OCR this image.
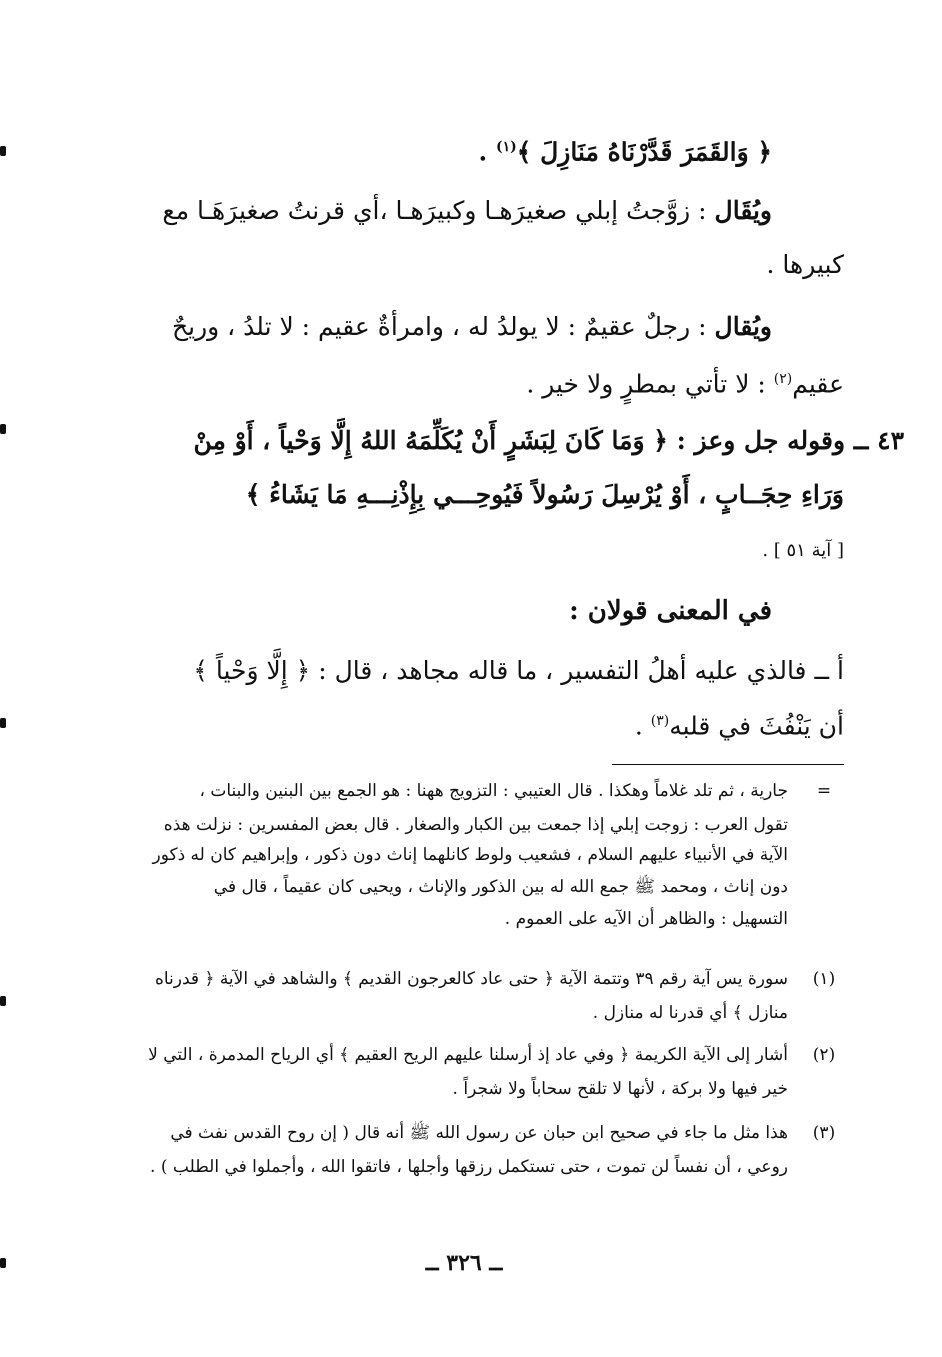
﴿ وَالقَمَرَ قَدَّرْنَاهُ مَنَازِلَ ﴾$^{(١)}$ .
ويُقَال : زوَّجتُ إبلي صغيرَهـا وكبيرَهـا ،أي قرنتُ صغيرَهَـا مع
كبيرها .
ويُقال : رجلٌ عقيمٌ : لا يولدُ له ، وامرأةٌ عقيم : لا تلدُ ، وريحٌ
عقيم$^{(٢)}$ : لا تأتي بمطرٍ ولا خير .
٤٣ ــ وقوله جل وعز : ﴿ وَمَا كَانَ لِبَشَرٍ أَنْ يُكَلِّمَهُ اللهُ إِلَّا وَحْياً ، أَوْ مِنْ
وَرَاءِ حِجَــابٍ ، أَوْ يُرْسِلَ رَسُولاً فَيُوحِـــي بِإِذْنِـــهِ مَا يَشَاءُ ﴾
[ آية ٥١ ] .
في المعنى قولان :
أ ــ فالذي عليه أهلُ التفسير ، ما قاله مجاهد ، قال : ﴿ إِلَّا وَحْياً ﴾
أن يَنْفُثَ في قلبه$^{(٣)}$ .
=
جارية ، ثم تلد غلاماً وهكذا . قال العتيبي : التزويج ههنا : هو الجمع بين البنين والبنات ،
تقول العرب : زوجت إبلي إذا جمعت بين الكبار والصغار . قال بعض المفسرين : نزلت هذه
الآية في الأنبياء عليهم السلام ، فشعيب ولوط كانلهما إناث دون ذكور ، وإبراهيم كان له ذكور
دون إناث ، ومحمد ﷺ جمع الله له بين الذكور والإناث ، ويحيى كان عقيماً ، قال في
التسهيل : والظاهر أن الآيه على العموم .
(١)
سورة يس آية رقم ٣٩ وتتمة الآية ﴿ حتى عاد كالعرجون القديم ﴾ والشاهد في الآية ﴿ قدرناه
منازل ﴾ أي قدرنا له منازل .
(٢)
أشار إلى الآية الكريمة ﴿ وفي عاد إذ أرسلنا عليهم الريح العقيم ﴾ أي الرياح المدمرة ، التي لا
خير فيها ولا بركة ، لأنها لا تلقح سحاباً ولا شجراً .
(٣)
هذا مثل ما جاء في صحيح ابن حبان عن رسول الله ﷺ أنه قال ( إن روح القدس نفث في
روعي ، أن نفساً لن تموت ، حتى تستكمل رزقها وأجلها ، فاتقوا الله ، وأجملوا في الطلب ) .
ــ ٣٢٦ ــ
